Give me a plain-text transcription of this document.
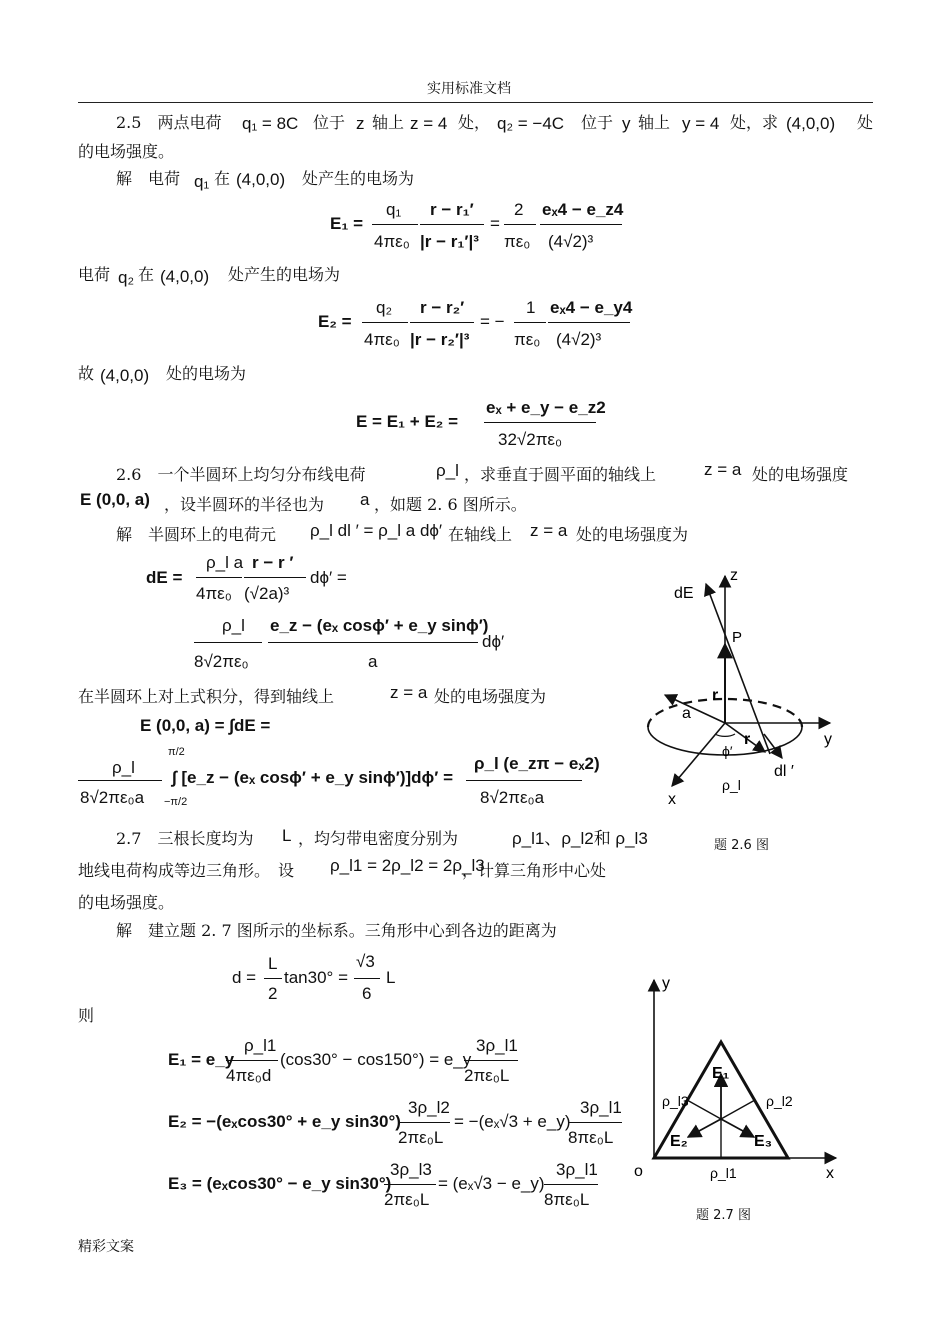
实用标准文档
2.5　两点电荷 q₁ = 8C 位于 z 轴上 z = 4 处， q₂ = −4C 位于 y 轴上 y = 4 处，求 (4,0,0) 处
的电场强度。
解　电荷 q₁ 在 (4,0,0) 处产生的电场为
E₁ =
q₁
4πε₀
r − r₁′
|r − r₁′|³
=
2
πε₀
eₓ4 − e_z4
(4√2)³
电荷 q₂ 在 (4,0,0) 处产生的电场为
E₂ =
q₂
4πε₀
r − r₂′
|r − r₂′|³
= −
1
πε₀
eₓ4 − e_y4
(4√2)³
故 (4,0,0) 处的电场为
E = E₁ + E₂ =
eₓ + e_y − e_z2
32√2πε₀
2.6　一个半圆环上均匀分布线电荷	ρ_l ，求垂直于圆平面的轴线上	z = a 处的电场强度
E (0,0, a) ，设半圆环的半径也为 a ，如题 2. 6 图所示。
解　半圆环上的电荷元 ρ_l dl ′ = ρ_l a dϕ′ 在轴线上 z = a 处的电场强度为
dE =
ρ_l a
4πε₀
r − r ′
(√2a)³
dϕ′ =
ρ_l
8√2πε₀
e_z − (eₓ cosϕ′ + e_y sinϕ′)
a
dϕ′
在半圆环上对上式积分，得到轴线上	z = a 处的电场强度为
E (0,0, a) = ∫dE =
ρ_l
8√2πε₀a
π/2
−π/2
∫ [e_z − (eₓ cosϕ′ + e_y sinϕ′)]dϕ′ =
ρ_l (e_zπ − eₓ2)
8√2πε₀a
dE
z
P
r
a
r	y
ϕ′
dl ′
ρ_l
x
题 2.6 图
2.7　三根长度均为 L ，均匀带电密度分别为	ρ_l1、ρ_l2和 ρ_l3
地线电荷构成等边三角形。　设 ρ_l1 = 2ρ_l2 = 2ρ_l3
，计算三角形中心处
的电场强度。
解　建立题 2. 7 图所示的坐标系。三角形中心到各边的距离为
d =
L
2
tan30° =
√3
6
L
则
E₁ = e_y
ρ_l1
4πε₀d
(cos30° − cos150°) = e_y
3ρ_l1
2πε₀L
E₂ = −(eₓcos30° + e_y sin30°)
3ρ_l2
2πε₀L
= −(eₓ√3 + e_y)
3ρ_l1
8πε₀L
E₃ = (eₓcos30° − e_y sin30°)
3ρ_l3
2πε₀L
= (eₓ√3 − e_y)
3ρ_l1
8πε₀L
y
E₁
ρ_l3	ρ_l2
E₂	E₃
o	ρ_l1	x
题 2.7 图
精彩文案
